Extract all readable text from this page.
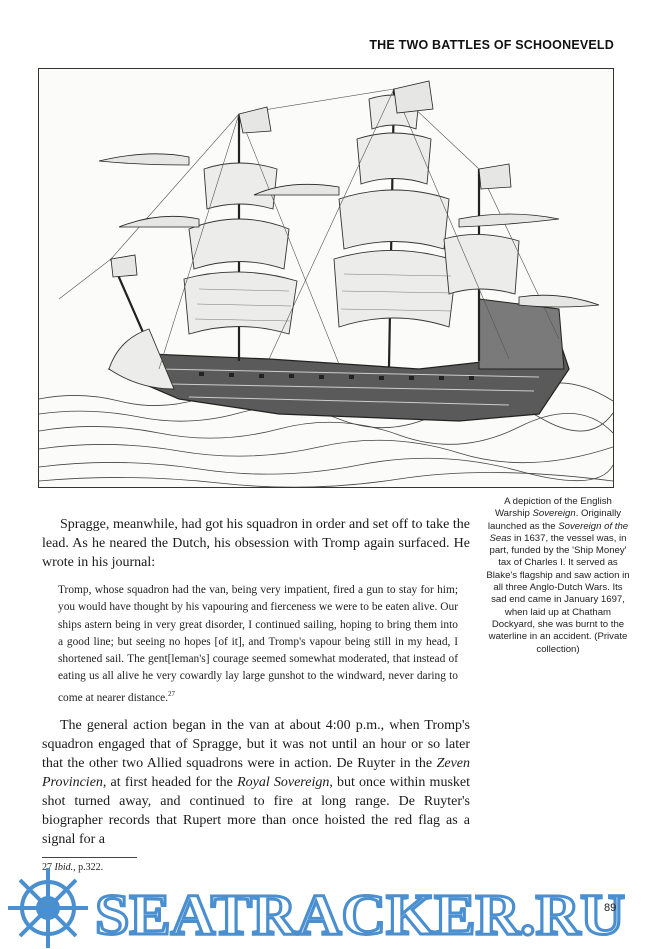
THE TWO BATTLES OF SCHOONEVELD
A depiction of the English Warship Sovereign. Originally launched as the Sovereign of the Seas in 1637, the vessel was, in part, funded by the 'Ship Money' tax of Charles I. It served as Blake's flagship and saw action in all three Anglo-Dutch Wars. Its sad end came in January 1697, when laid up at Chatham Dockyard, she was burnt to the waterline in an accident. (Private collection)

Spragge, meanwhile, had got his squadron in order and set off to take the lead. As he neared the Dutch, his obsession with Tromp again surfaced. He wrote in his journal:

Tromp, whose squadron had the van, being very impatient, fired a gun to stay for him; you would have thought by his vapouring and fierceness we were to be eaten alive. Our ships astern being in very great disorder, I continued sailing, hoping to bring them into a good line; but seeing no hopes [of it], and Tromp's vapour being still in my head, I shortened sail. The gent[leman's] courage seemed somewhat moderated, that instead of eating us all alive he very cowardly lay large gunshot to the windward, never daring to come at nearer distance.$^{27}$

The general action began in the van at about 4:00 p.m., when Tromp's squadron engaged that of Spragge, but it was not until an hour or so later that the other two Allied squadrons were in action. De Ruyter in the Zeven Provincien, at first headed for the Royal Sovereign, but once within musket shot turned away, and continued to fire at long range. De Ruyter's biographer records that Rupert more than once hoisted the red flag as a signal for a

27 Ibid., p.322.
SEATRACKER.RU
89
